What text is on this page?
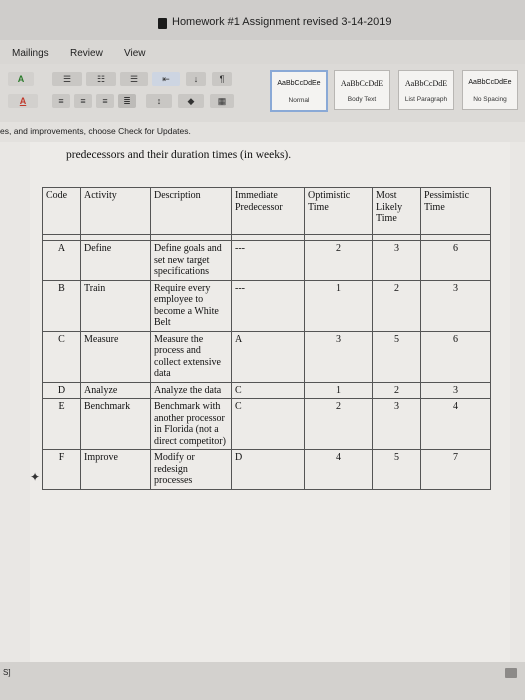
Homework #1 Assignment revised 3-14-2019
Mailings Review View
A	☰	☷	☰	⇤	↓	¶
A	≡	≡	≡	≣	↕	◆	▦
AaBbCcDdEe
Normal
AaBbCcDdE
Body Text
AaBbCcDdE
List Paragraph
AaBbCcDdEe
No Spacing
es, and improvements, choose Check for Updates.
predecessors and their duration times (in weeks).
Code	Activity	Description	Immediate Predecessor	Optimistic Time	Most Likely Time	Pessimistic Time

A	Define	Define goals and set new target specifications	---	2	3	6
B	Train	Require every employee to become a White Belt	---	1	2	3
C	Measure	Measure the process and collect extensive data	A	3	5	6
D	Analyze	Analyze the data	C	1	2	3
E	Benchmark	Benchmark with another processor in Florida (not a direct competitor)	C	2	3	4
F	Improve	Modify or redesign processes	D	4	5	7
✦
S]
